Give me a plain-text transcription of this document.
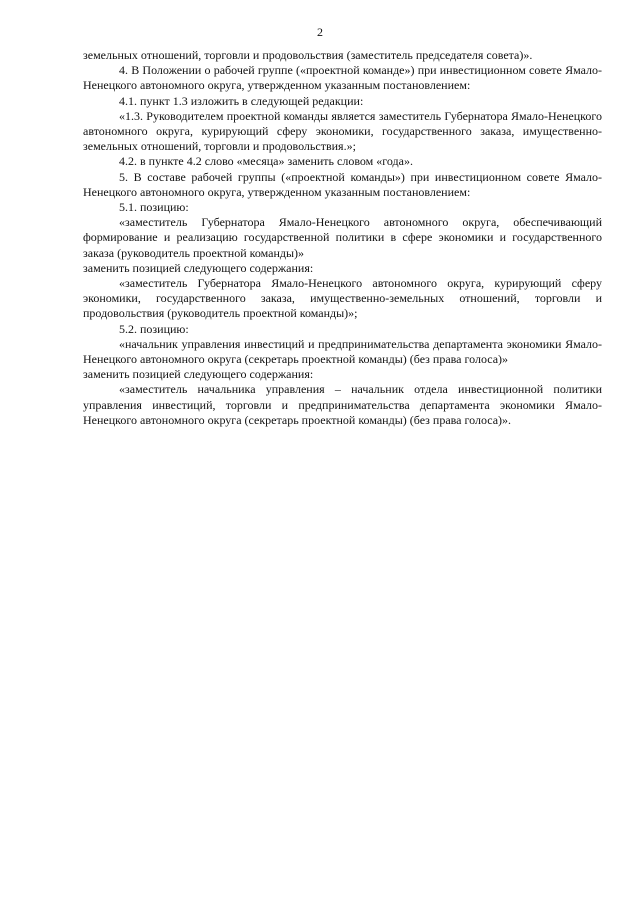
2

земельных отношений, торговли и продовольствия (заместитель председателя совета)».

4. В Положении о рабочей группе («проектной команде») при инвестиционном совете Ямало-Ненецкого автономного округа, утвержденном указанным постановлением:

4.1. пункт 1.3 изложить в следующей редакции:

«1.3. Руководителем проектной команды является заместитель Губернатора Ямало-Ненецкого автономного округа, курирующий сферу экономики, государственного заказа, имущественно-земельных отношений, торговли и продовольствия.»;

4.2. в пункте 4.2 слово «месяца» заменить словом «года».

5. В составе рабочей группы («проектной команды») при инвестиционном совете Ямало-Ненецкого автономного округа, утвержденном указанным постановлением:

5.1. позицию:

«заместитель Губернатора Ямало-Ненецкого автономного округа, обеспечивающий формирование и реализацию государственной политики в сфере экономики и государственного заказа (руководитель проектной команды)»

заменить позицией следующего содержания:

«заместитель Губернатора Ямало-Ненецкого автономного округа, курирующий сферу экономики, государственного заказа, имущественно-земельных отношений, торговли и продовольствия (руководитель проектной команды)»;

5.2. позицию:

«начальник управления инвестиций и предпринимательства департамента экономики Ямало-Ненецкого автономного округа (секретарь проектной команды) (без права голоса)»

заменить позицией следующего содержания:

«заместитель начальника управления – начальник отдела инвестиционной политики управления инвестиций, торговли и предпринимательства департамента экономики Ямало-Ненецкого автономного округа (секретарь проектной команды) (без права голоса)».
